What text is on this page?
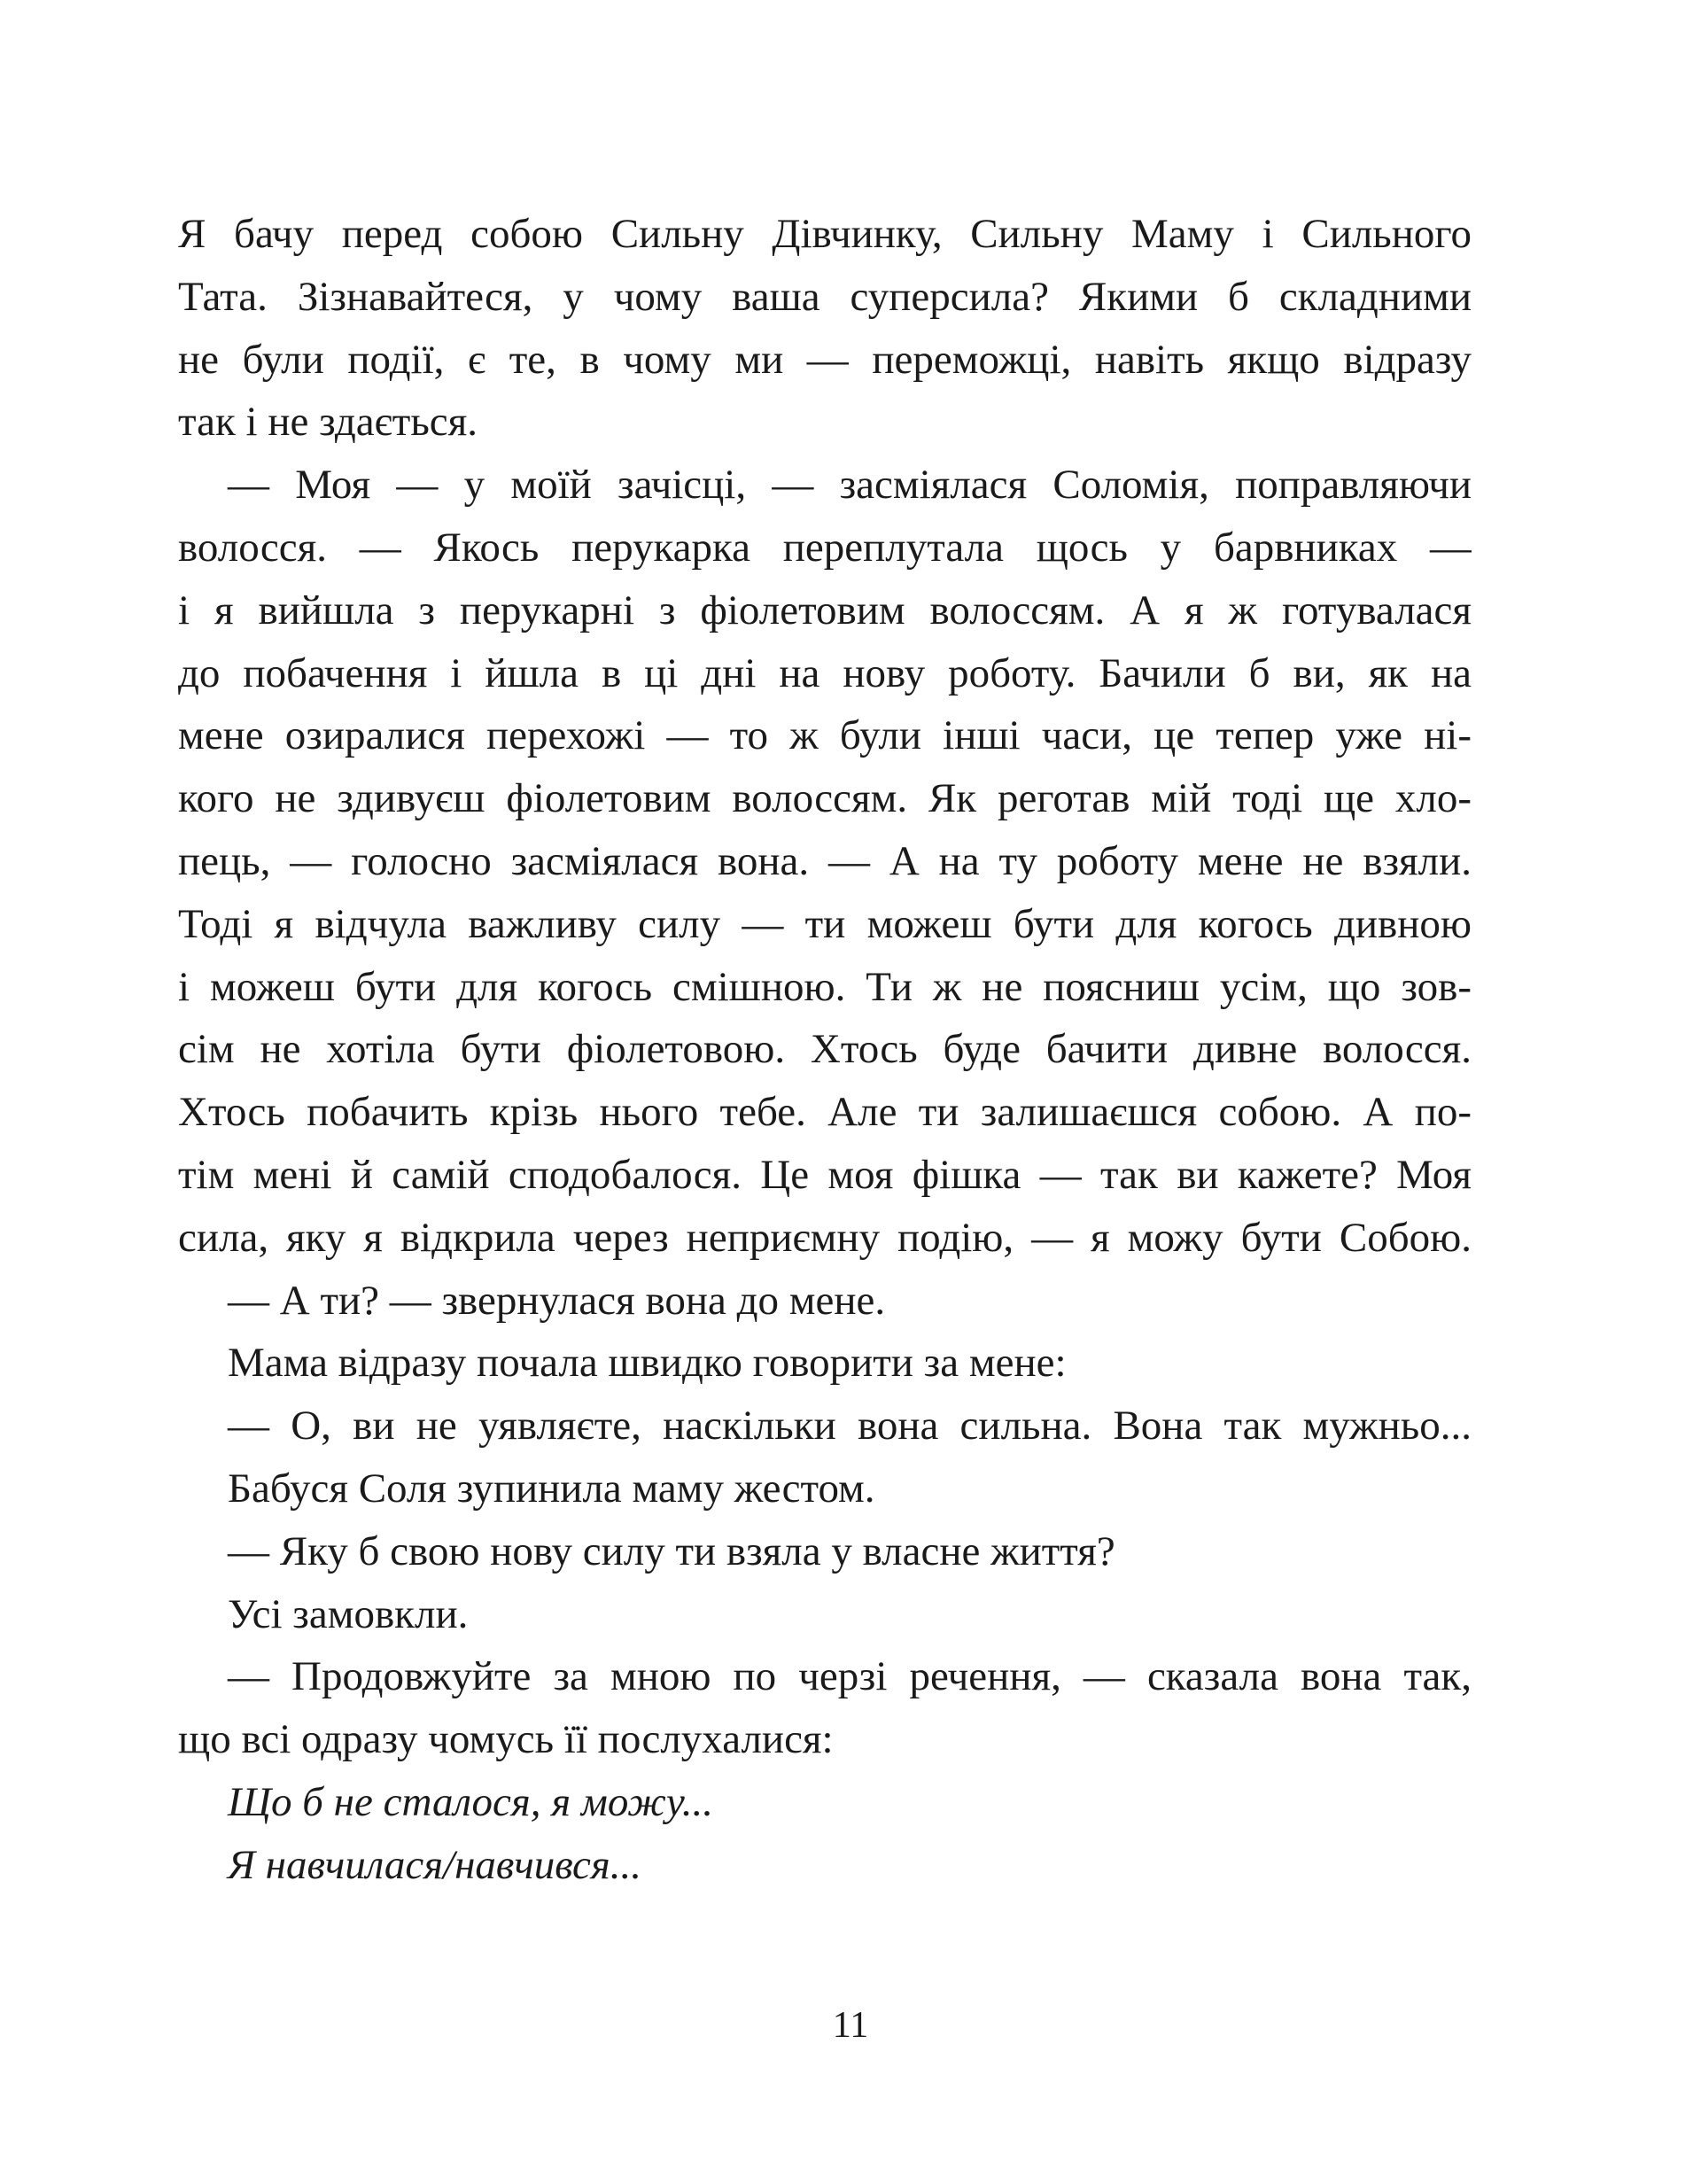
Я бачу перед собою Сильну Дівчинку, Сильну Маму і Сильного
Тата. Зізнавайтеся, у чому ваша суперсила? Якими б складними
не були події, є те, в чому ми — переможці, навіть якщо відразу
так і не здається.
— Моя — у моїй зачісці, — засміялася Соломія, поправляючи
волосся. — Якось перукарка переплутала щось у барвниках —
і я вийшла з перукарні з фіолетовим волоссям. А я ж готувалася
до побачення і йшла в ці дні на нову роботу. Бачили б ви, як на
мене озиралися перехожі — то ж були інші часи, це тепер уже ні-
кого не здивуєш фіолетовим волоссям. Як реготав мій тоді ще хло-
пець, — голосно засміялася вона. — А на ту роботу мене не взяли.
Тоді я відчула важливу силу — ти можеш бути для когось дивною
і можеш бути для когось смішною. Ти ж не поясниш усім, що зов-
сім не хотіла бути фіолетовою. Хтось буде бачити дивне волосся.
Хтось побачить крізь нього тебе. Але ти залишаєшся собою. А по-
тім мені й самій сподобалося. Це моя фішка — так ви кажете? Моя
сила, яку я відкрила через неприємну подію, — я можу бути Собою.
— А ти? — звернулася вона до мене.
Мама відразу почала швидко говорити за мене:
— О, ви не уявляєте, наскільки вона сильна. Вона так мужньо...
Бабуся Соля зупинила маму жестом.
— Яку б свою нову силу ти взяла у власне життя?
Усі замовкли.
— Продовжуйте за мною по черзі речення, — сказала вона так,
що всі одразу чомусь її послухалися:
Що б не сталося, я можу...
Я навчилася/навчився...
11
